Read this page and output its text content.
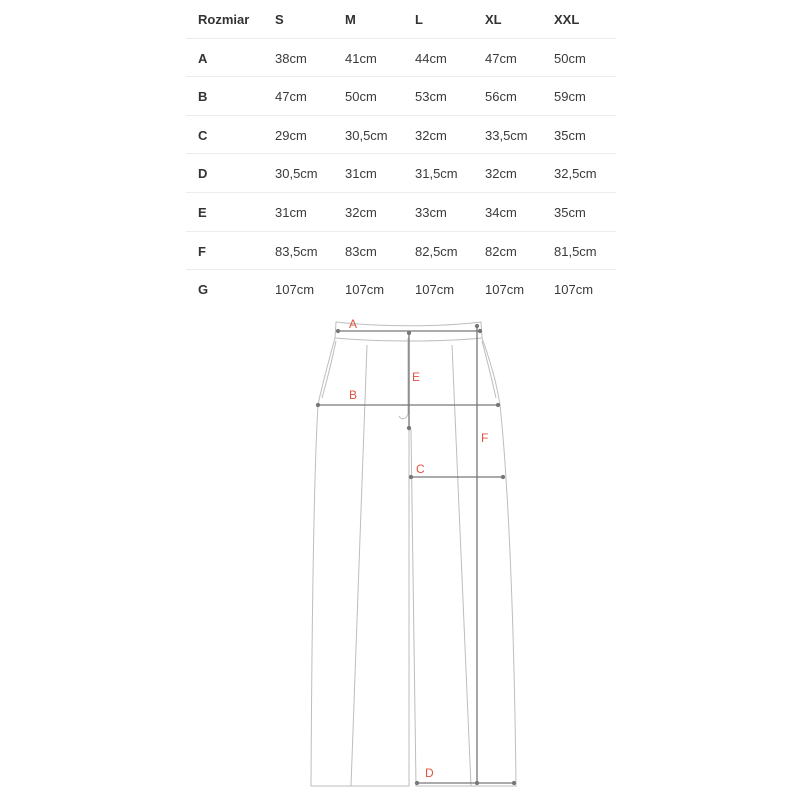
Rozmiar S	M	L	XL	XXL
A	38cm	41cm	44cm	47cm	50cm
B	47cm	50cm	53cm	56cm	59cm
C	29cm	30,5cm 32cm	33,5cm 35cm
D	30,5cm 31cm	31,5cm 32cm	32,5cm
E	31cm	32cm	33cm	34cm	35cm
F	83,5cm 83cm	82,5cm 82cm	81,5cm
G	107cm 107cm 107cm 107cm 107cm
A
B
C
D
E
F
